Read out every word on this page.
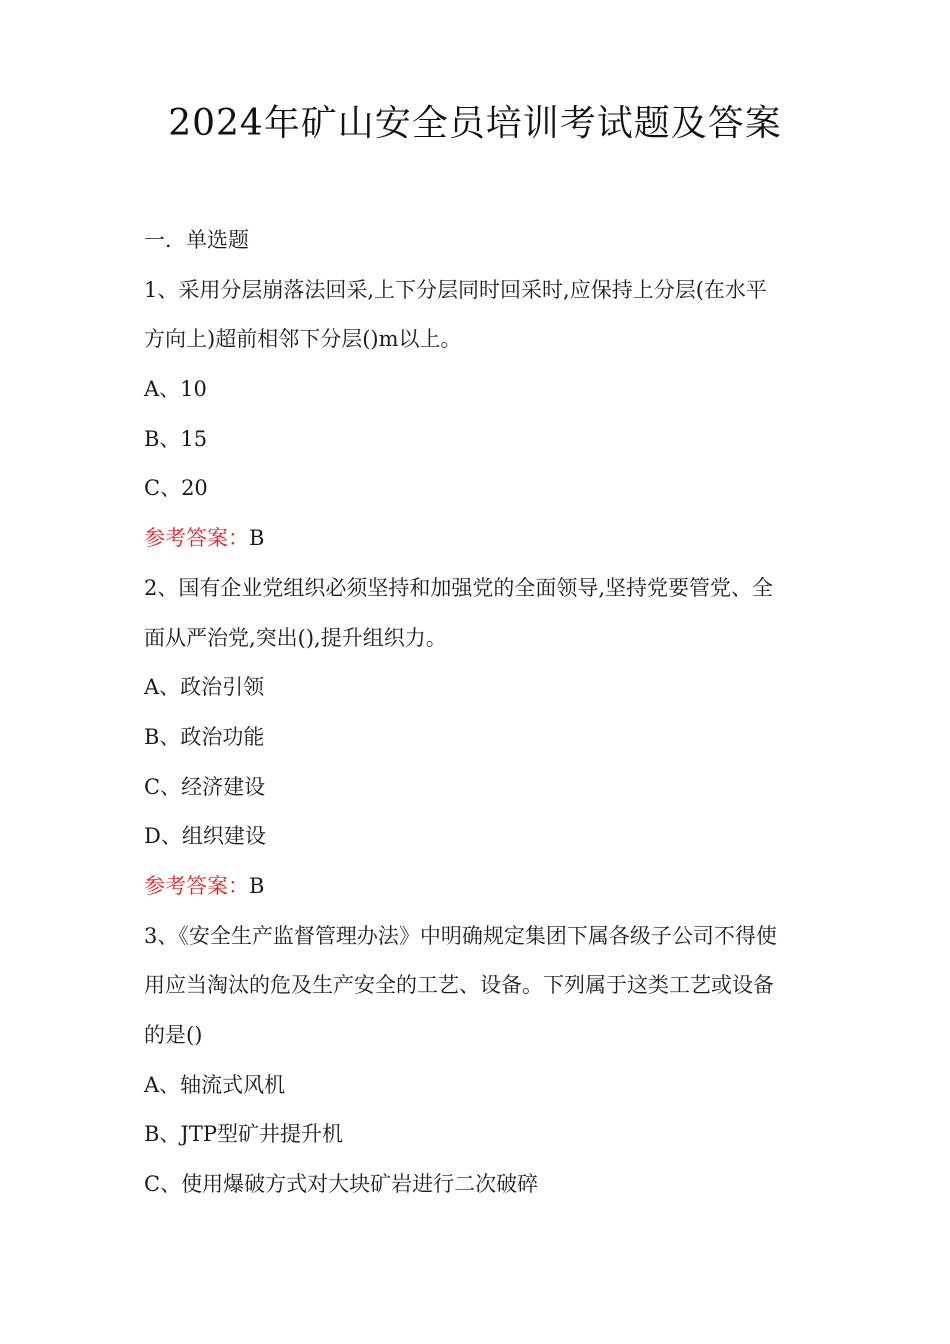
2024年矿山安全员培训考试题及答案
一．单选题
1、采用分层崩落法回采,上下分层同时回采时,应保持上分层(在水平
方向上)超前相邻下分层()m以上。
A、10
B、15
C、20
参考答案：B
2、国有企业党组织必须坚持和加强党的全面领导,坚持党要管党、全
面从严治党,突出(),提升组织力。
A、政治引领
B、政治功能
C、经济建设
D、组织建设
参考答案：B
3、《安全生产监督管理办法》中明确规定集团下属各级子公司不得使
用应当淘汰的危及生产安全的工艺、设备。下列属于这类工艺或设备
的是()
A、轴流式风机
B、JTP型矿井提升机
C、使用爆破方式对大块矿岩进行二次破碎
